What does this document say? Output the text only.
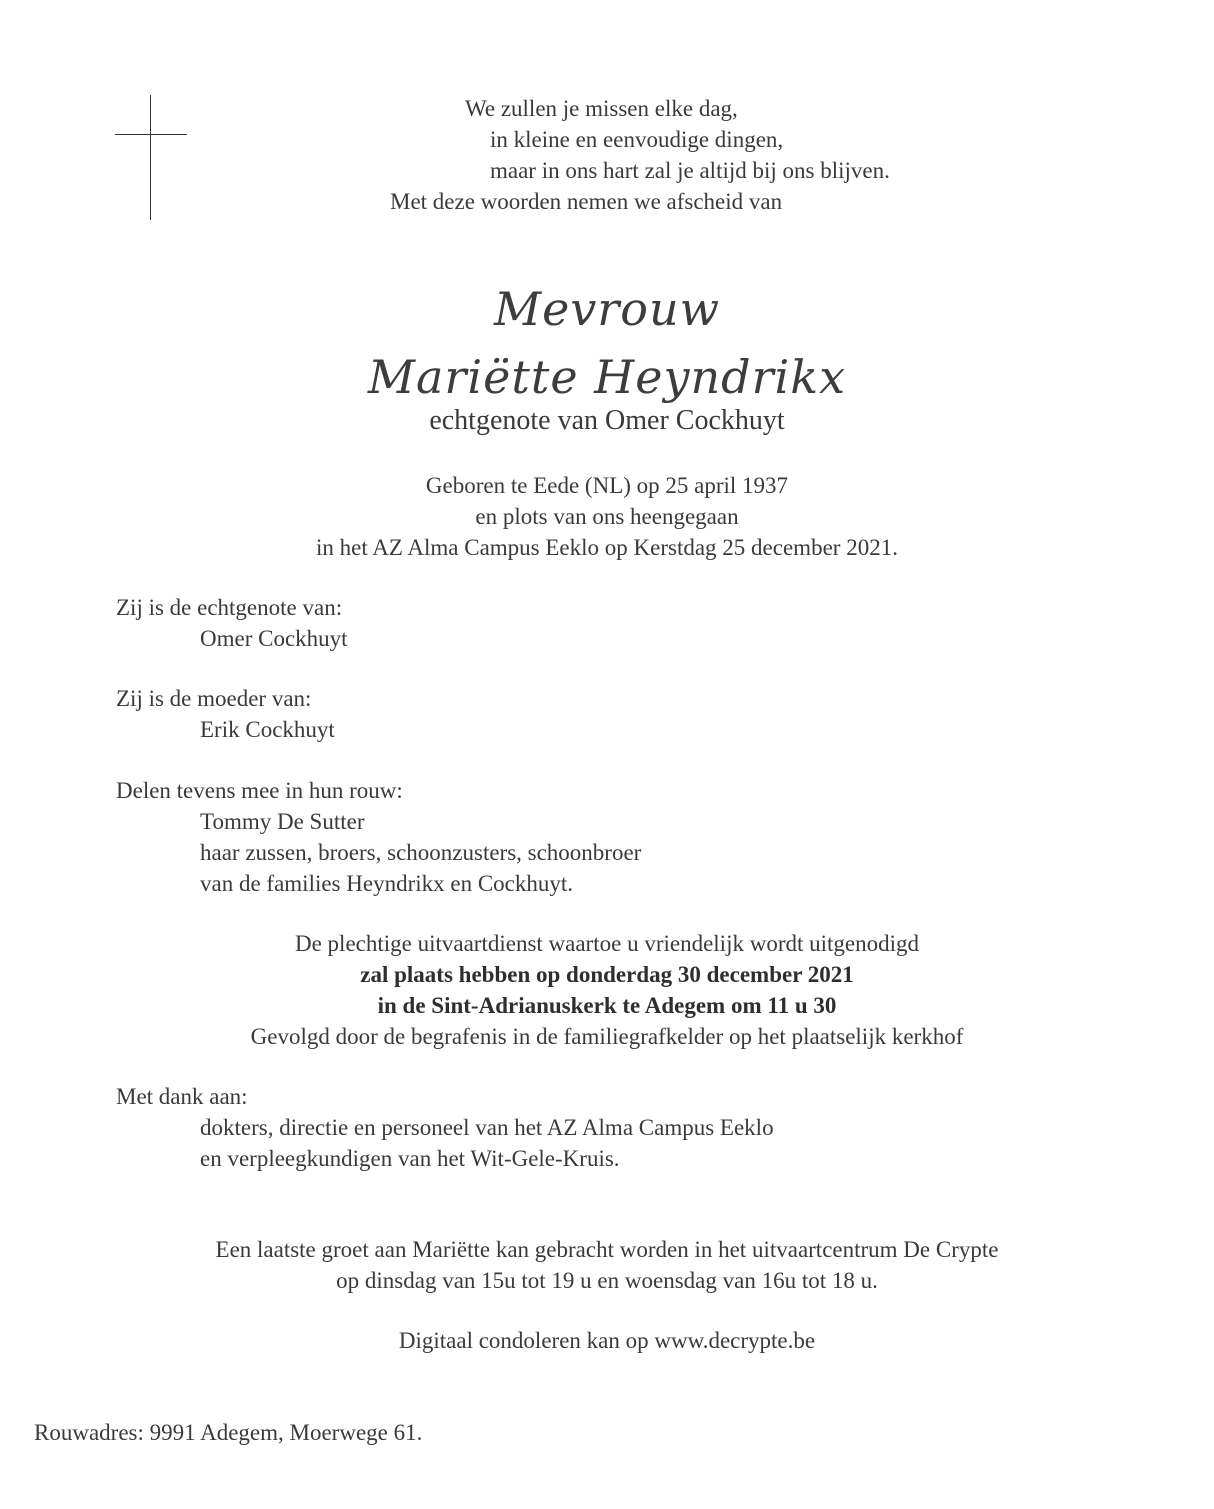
We zullen je missen elke dag,
in kleine en eenvoudige dingen,
maar in ons hart zal je altijd bij ons blijven.
Met deze woorden nemen we afscheid van
Mevrouw
Mariëtte Heyndrikx
echtgenote van Omer Cockhuyt
Geboren te Eede (NL) op 25 april 1937
en plots van ons heengegaan
in het AZ Alma Campus Eeklo op Kerstdag 25 december 2021.
Zij is de echtgenote van:
Omer Cockhuyt
Zij is de moeder van:
Erik Cockhuyt
Delen tevens mee in hun rouw:
Tommy De Sutter
haar zussen, broers, schoonzusters, schoonbroer
van de families Heyndrikx en Cockhuyt.
De plechtige uitvaartdienst waartoe u vriendelijk wordt uitgenodigd
zal plaats hebben op donderdag 30 december 2021
in de Sint-Adrianuskerk te Adegem om 11 u 30
Gevolgd door de begrafenis in de familiegrafkelder op het plaatselijk kerkhof
Met dank aan:
dokters, directie en personeel van het AZ Alma Campus Eeklo
en verpleegkundigen van het Wit-Gele-Kruis.
Een laatste groet aan Mariëtte kan gebracht worden in het uitvaartcentrum De Crypte
op dinsdag van 15u tot 19 u en woensdag van 16u tot 18 u.
Digitaal condoleren kan op www.decrypte.be
Rouwadres: 9991 Adegem, Moerwege 61.
